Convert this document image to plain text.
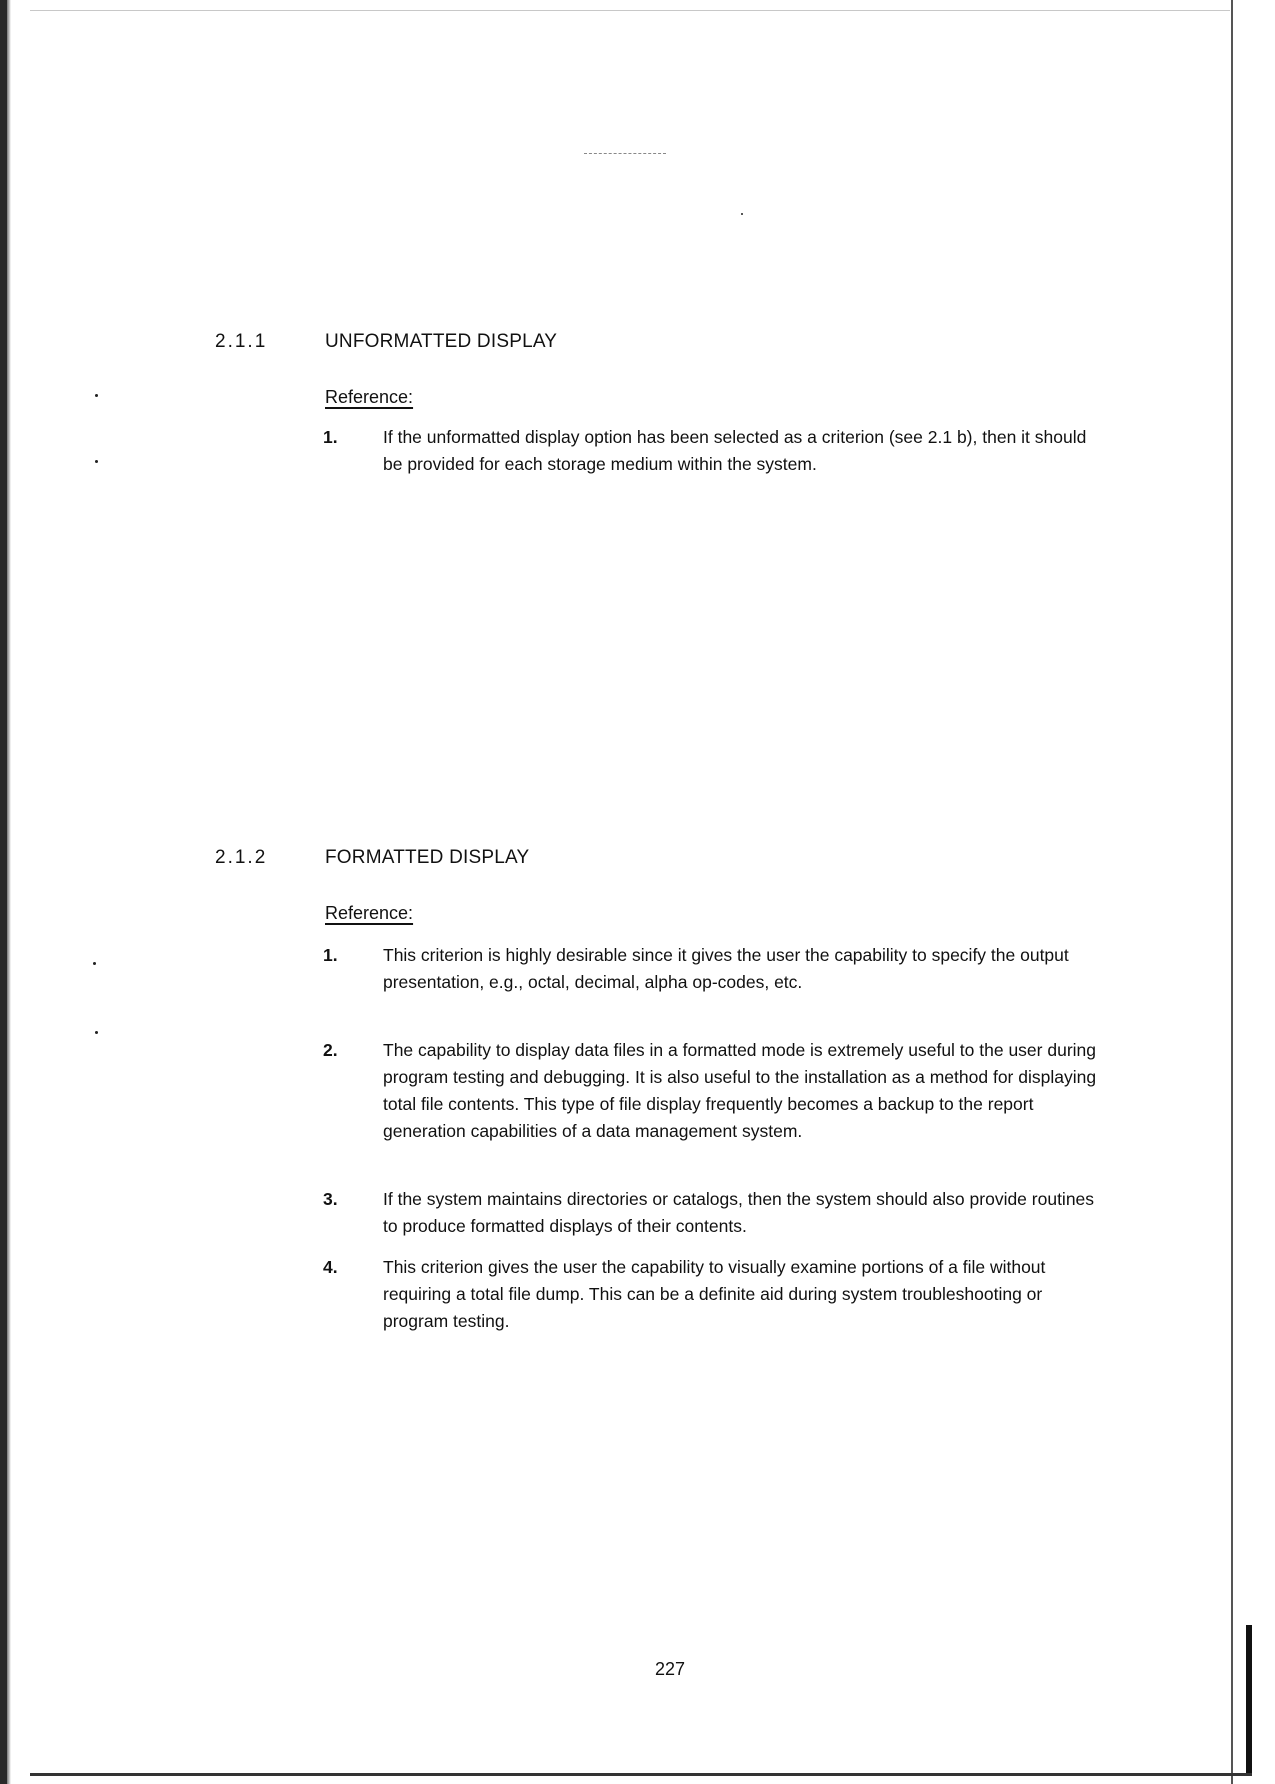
2.1.1	UNFORMATTED DISPLAY
Reference:
1.	If the unformatted display option has been selected as a criterion (see 2.1 b), then it should be provided for each storage medium within the system.
2.1.2	FORMATTED DISPLAY
Reference:
1.	This criterion is highly desirable since it gives the user the capability to specify the output presentation, e.g., octal, decimal, alpha op-codes, etc.
2.	The capability to display data files in a formatted mode is extremely useful to the user during program testing and debugging. It is also useful to the installation as a method for displaying total file contents. This type of file display frequently becomes a backup to the report generation capabilities of a data management system.
3.	If the system maintains directories or catalogs, then the system should also provide routines to produce formatted displays of their contents.
4.	This criterion gives the user the capability to visually examine portions of a file without requiring a total file dump. This can be a definite aid during system troubleshooting or program testing.
227
